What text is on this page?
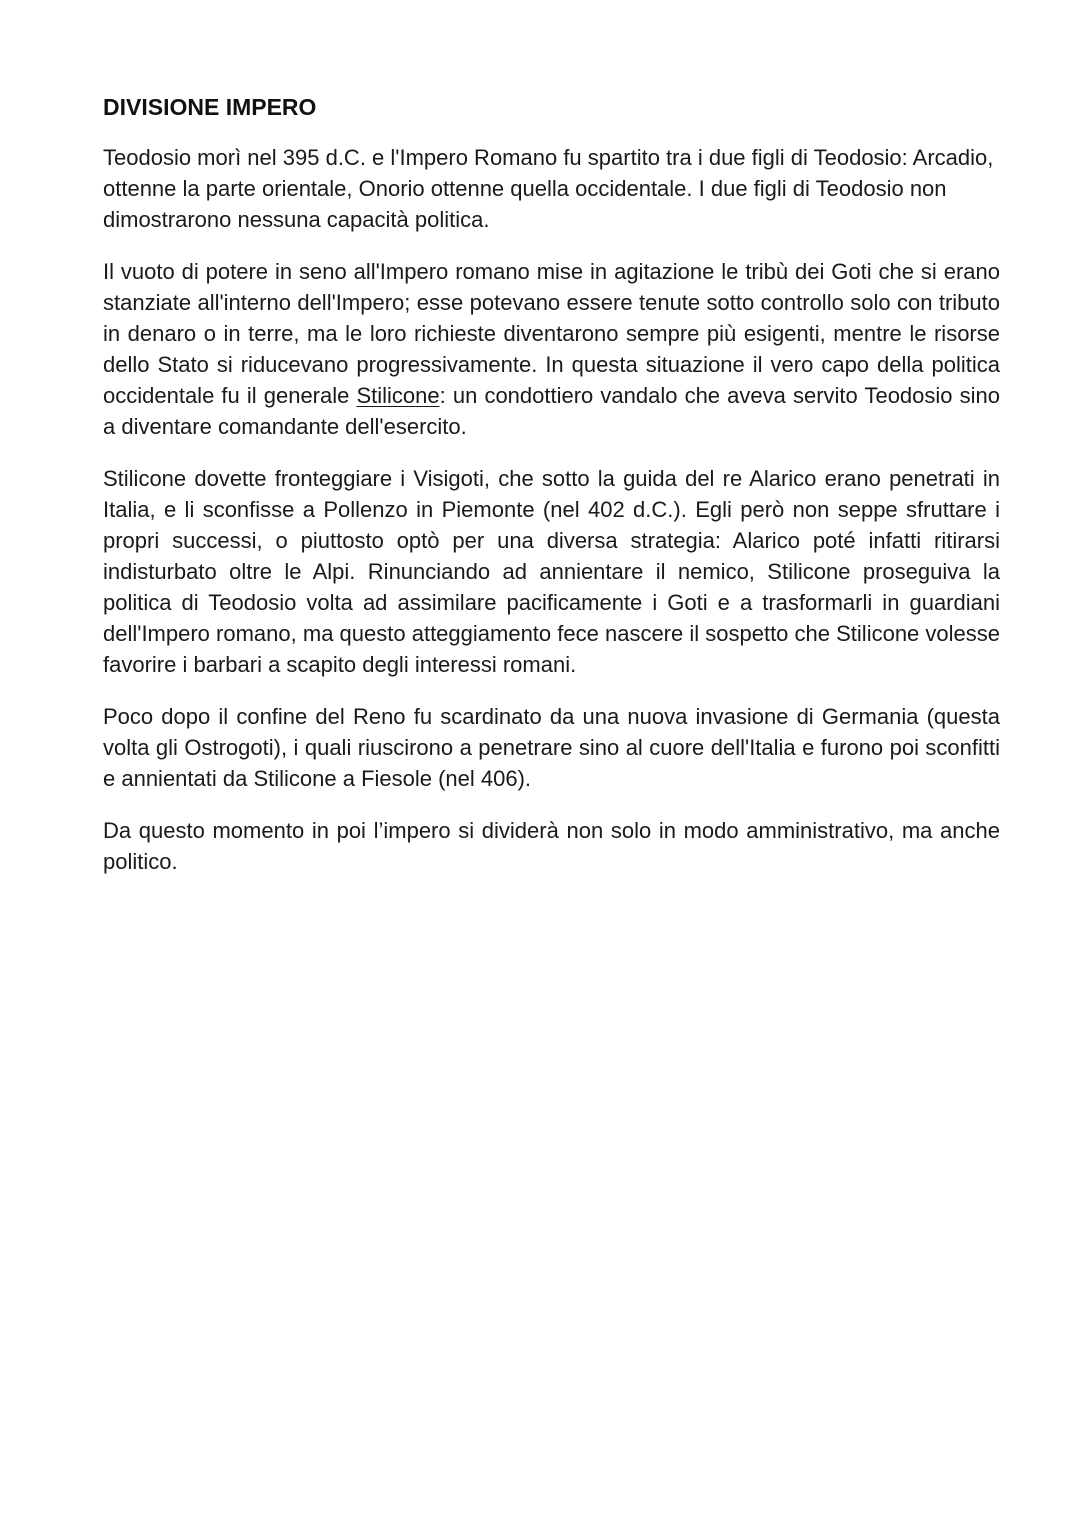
DIVISIONE IMPERO

Teodosio morì nel 395 d.C. e l'Impero Romano fu spartito tra i due figli di Teodosio: Arcadio, ottenne la parte orientale, Onorio ottenne quella occidentale. I due figli di Teodosio non dimostrarono nessuna capacità politica.

Il vuoto di potere in seno all'Impero romano mise in agitazione le tribù dei Goti che si erano stanziate all'interno dell'Impero; esse potevano essere tenute sotto controllo solo con tributo in denaro o in terre, ma le loro richieste diventarono sempre più esigenti, mentre le risorse dello Stato si riducevano progressivamente. In questa situazione il vero capo della politica occidentale fu il generale Stilicone: un condottiero vandalo che aveva servito Teodosio sino a diventare comandante dell'esercito.

Stilicone dovette fronteggiare i Visigoti, che sotto la guida del re Alarico erano penetrati in Italia, e li sconfisse a Pollenzo in Piemonte (nel 402 d.C.). Egli però non seppe sfruttare i propri successi, o piuttosto optò per una diversa strategia: Alarico poté infatti ritirarsi indisturbato oltre le Alpi. Rinunciando ad annientare il nemico, Stilicone proseguiva la politica di Teodosio volta ad assimilare pacificamente i Goti e a trasformarli in guardiani dell'Impero romano, ma questo atteggiamento fece nascere il sospetto che Stilicone volesse favorire i barbari a scapito degli interessi romani.

Poco dopo il confine del Reno fu scardinato da una nuova invasione di Germania (questa volta gli Ostrogoti), i quali riuscirono a penetrare sino al cuore dell'Italia e furono poi sconfitti e annientati da Stilicone a Fiesole (nel 406).

Da questo momento in poi l’impero si dividerà non solo in modo amministrativo, ma anche politico.
